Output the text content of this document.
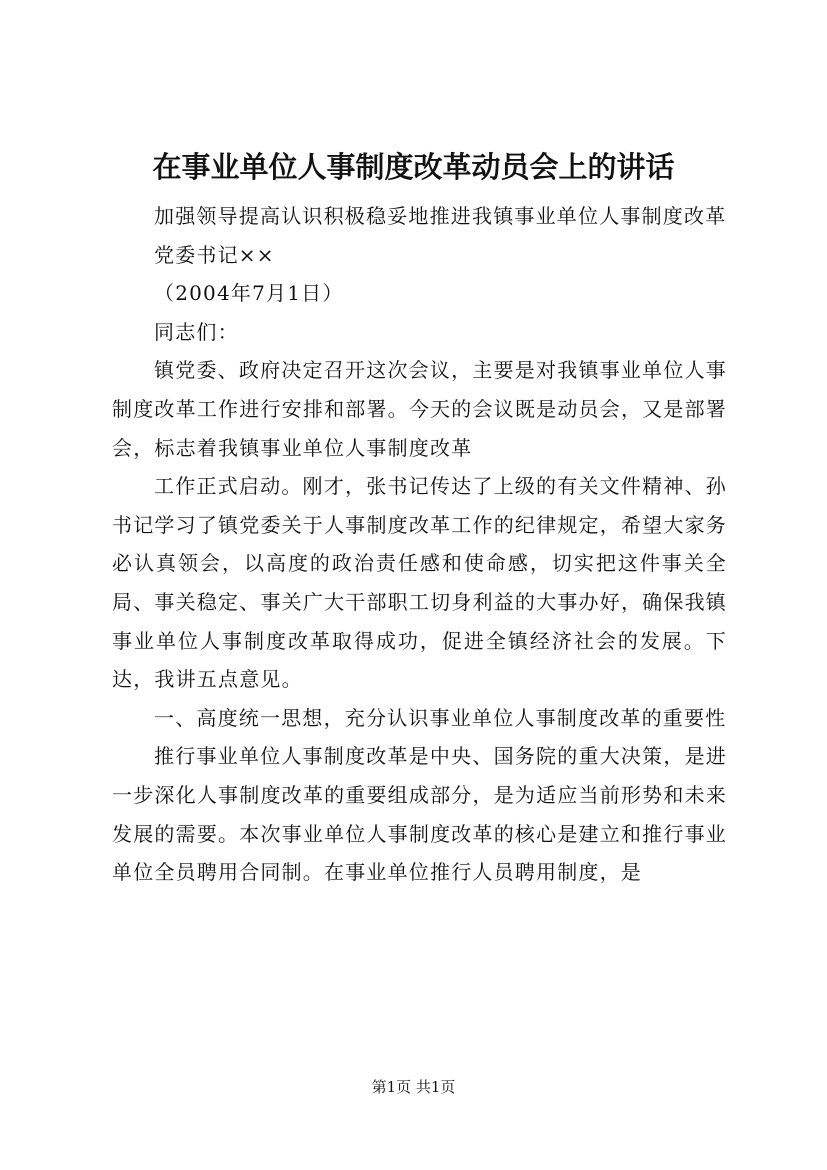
在事业单位人事制度改革动员会上的讲话

加强领导提高认识积极稳妥地推进我镇事业单位人事制度改革

党委书记××

（2004年7月1日）

同志们：

镇党委、政府决定召开这次会议，主要是对我镇事业单位人事制度改革工作进行安排和部署。今天的会议既是动员会，又是部署会，标志着我镇事业单位人事制度改革

工作正式启动。刚才，张书记传达了上级的有关文件精神、孙书记学习了镇党委关于人事制度改革工作的纪律规定，希望大家务必认真领会，以高度的政治责任感和使命感，切实把这件事关全局、事关稳定、事关广大干部职工切身利益的大事办好，确保我镇事业单位人事制度改革取得成功，促进全镇经济社会的发展。下达，我讲五点意见。

一、高度统一思想，充分认识事业单位人事制度改革的重要性

推行事业单位人事制度改革是中央、国务院的重大决策，是进一步深化人事制度改革的重要组成部分，是为适应当前形势和未来发展的需要。本次事业单位人事制度改革的核心是建立和推行事业单位全员聘用合同制。在事业单位推行人员聘用制度，是

第1页 共1页
